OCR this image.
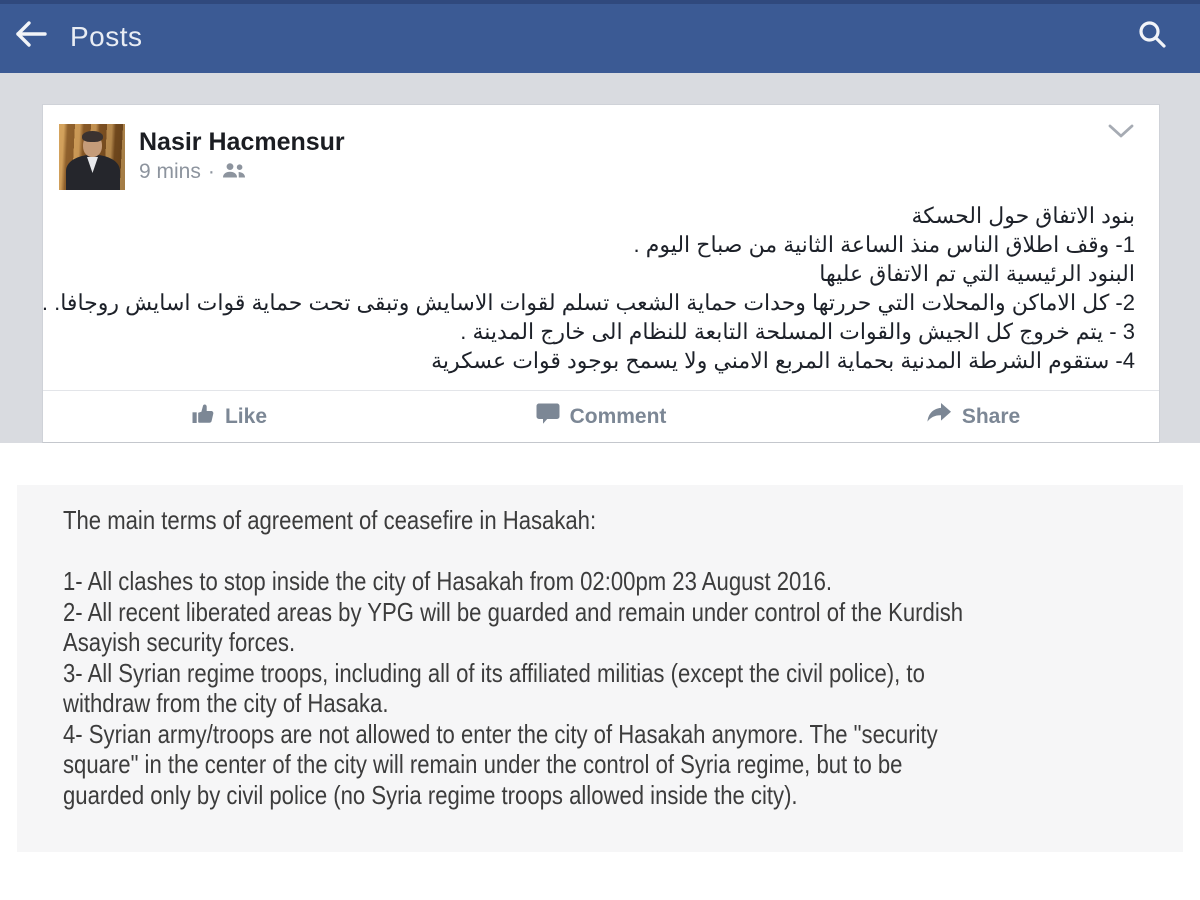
Posts
Nasir Hacmensur
9 mins ·
بنود الاتفاق حول الحسكة
1- وقف اطلاق الناس منذ الساعة الثانية من صباح اليوم .
البنود الرئيسية التي تم الاتفاق عليها
2- كل الاماكن والمحلات التي حررتها وحدات حماية الشعب تسلم لقوات الاسايش وتبقى تحت حماية قوات اسايش روجافا. .
3 - يتم خروج كل الجيش والقوات المسلحة التابعة للنظام الى خارج المدينة .
4- ستقوم الشرطة المدنية بحماية المربع الامني ولا يسمح بوجود قوات عسكرية
Like	Comment	Share
The main terms of agreement of ceasefire in Hasakah:
1- All clashes to stop inside the city of Hasakah from 02:00pm 23 August 2016.
2- All recent liberated areas by YPG will be guarded and remain under control of the Kurdish
Asayish security forces.
3- All Syrian regime troops, including all of its affiliated militias (except the civil police), to
withdraw from the city of Hasaka.
4- Syrian army/troops are not allowed to enter the city of Hasakah anymore. The "security
square" in the center of the city will remain under the control of Syria regime, but to be
guarded only by civil police (no Syria regime troops allowed inside the city).
